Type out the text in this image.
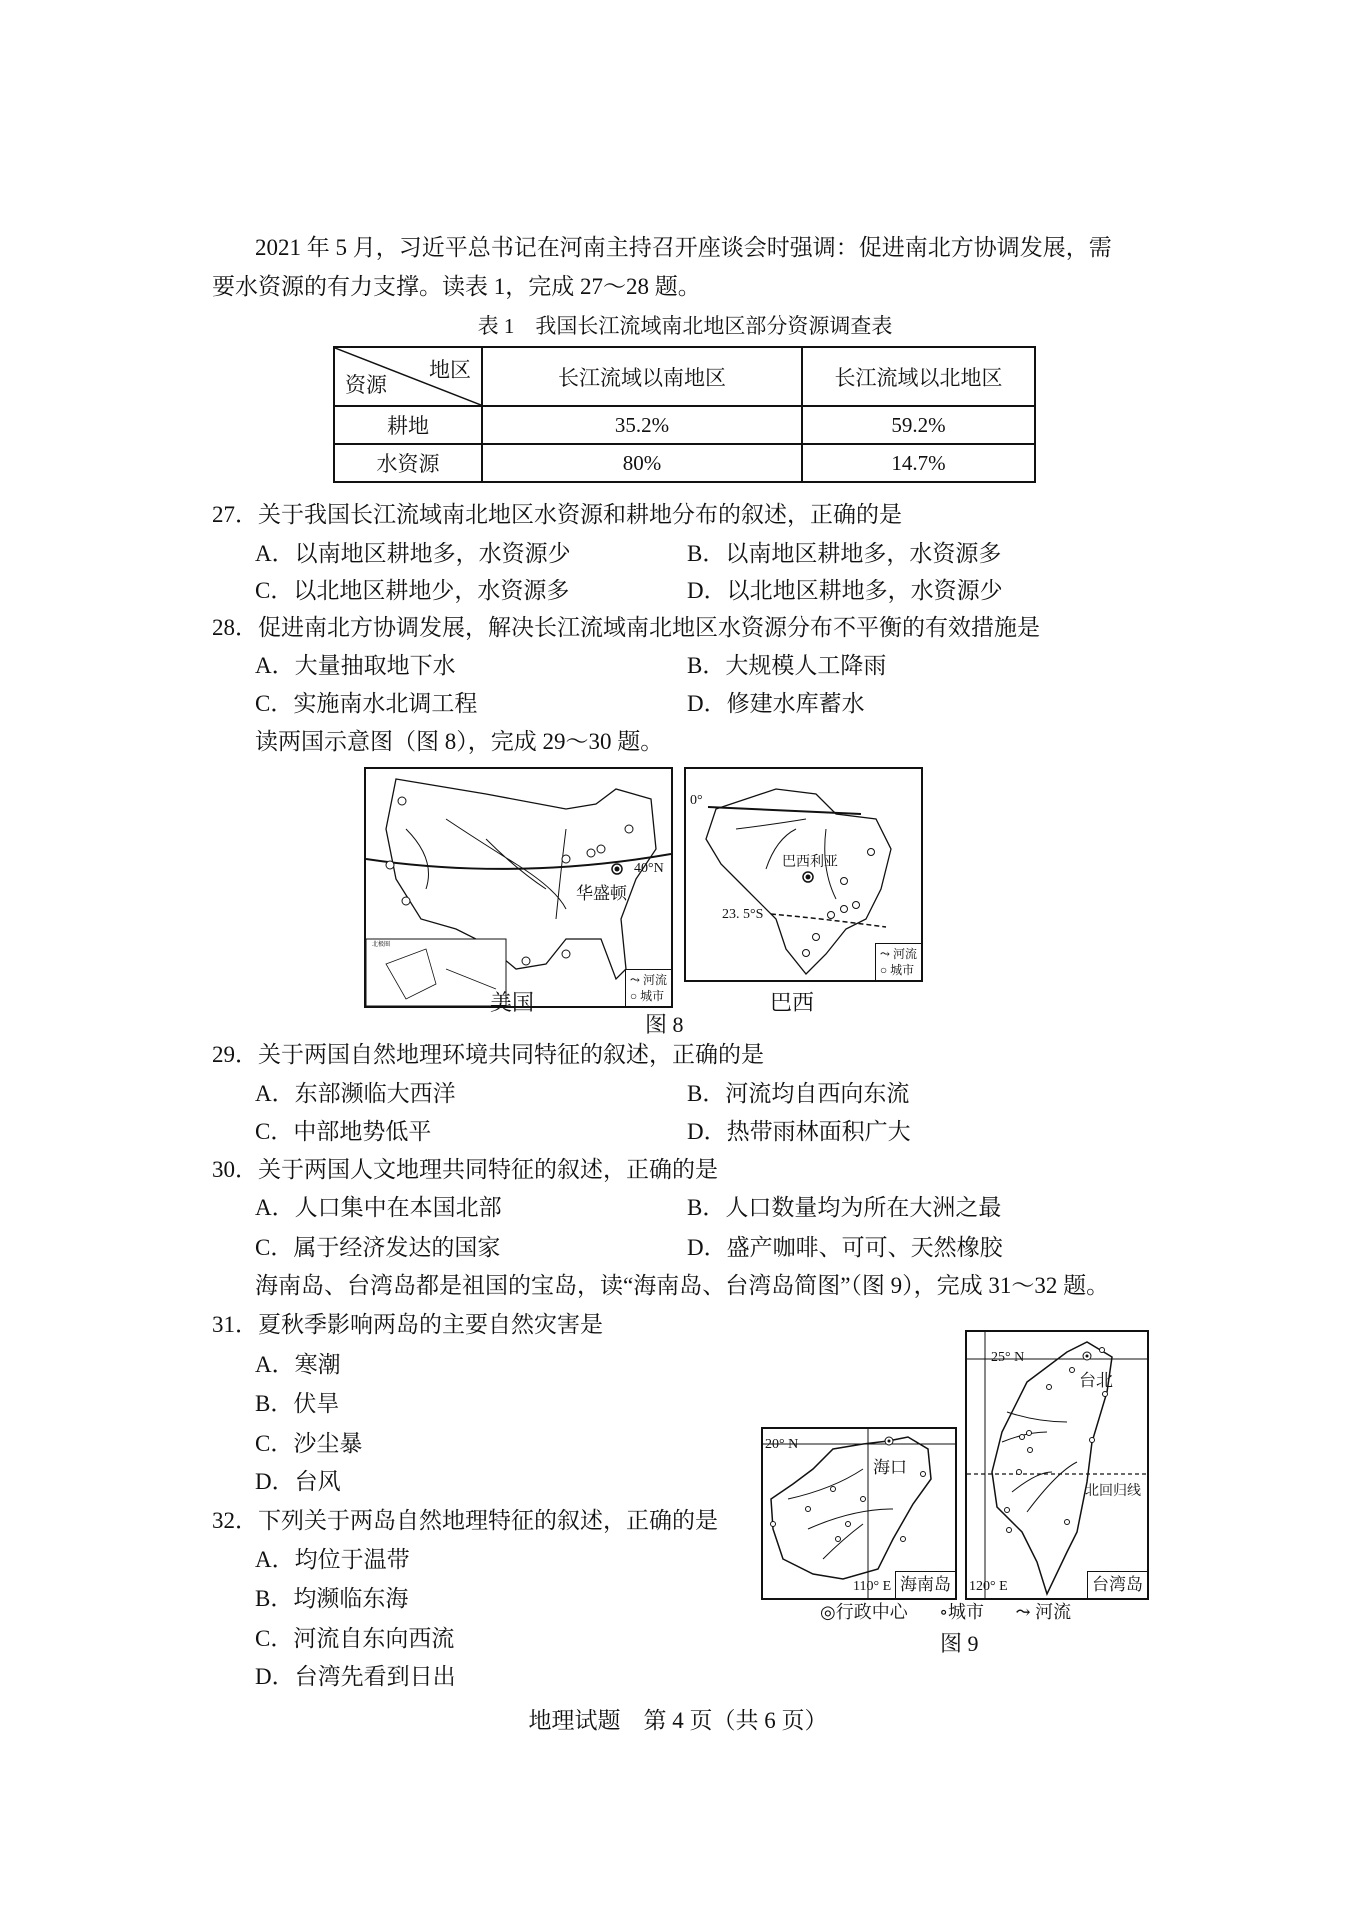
2021 年 5 月，习近平总书记在河南主持召开座谈会时强调：促进南北方协调发展，需
要水资源的有力支撑。读表 1，完成 27～28 题。
表 1　我国长江流域南北地区部分资源调查表
地区
资源	长江流域以南地区	长江流域以北地区
耕地	35.2%	59.2%
水资源	80%	14.7%
27．关于我国长江流域南北地区水资源和耕地分布的叙述，正确的是
A．以南地区耕地多，水资源少	B．以南地区耕地多，水资源多
C．以北地区耕地少，水资源多	D．以北地区耕地多，水资源少
28．促进南北方协调发展，解决长江流域南北地区水资源分布不平衡的有效措施是
A．大量抽取地下水	B．大规模人工降雨
C．实施南水北调工程	D．修建水库蓄水
读两国示意图（图 8），完成 29～30 题。
40°N
华盛顿
北极圈
⤳ 河流
○ 城市
0°
23. 5°S
巴西利亚
⤳ 河流
○ 城市
美国	巴西
图 8
29．关于两国自然地理环境共同特征的叙述，正确的是
A．东部濒临大西洋	B．河流均自西向东流
C．中部地势低平	D．热带雨林面积广大
30．关于两国人文地理共同特征的叙述，正确的是
A．人口集中在本国北部	B．人口数量均为所在大洲之最
C．属于经济发达的国家	D．盛产咖啡、可可、天然橡胶
海南岛、台湾岛都是祖国的宝岛，读“海南岛、台湾岛简图”（图 9），完成 31～32 题。
31．夏秋季影响两岛的主要自然灾害是
A．寒潮
B．伏旱
C．沙尘暴
D．台风
32．下列关于两岛自然地理特征的叙述，正确的是
A．均位于温带
B．均濒临东海
C．河流自东向西流
D．台湾先看到日出
20° N
海口
110° E 海南岛
25° N
台北
北回归线
120° E	台湾岛
◎行政中心 ∘城市 ⤳ 河流
图 9
地理试题　第 4 页（共 6 页）
